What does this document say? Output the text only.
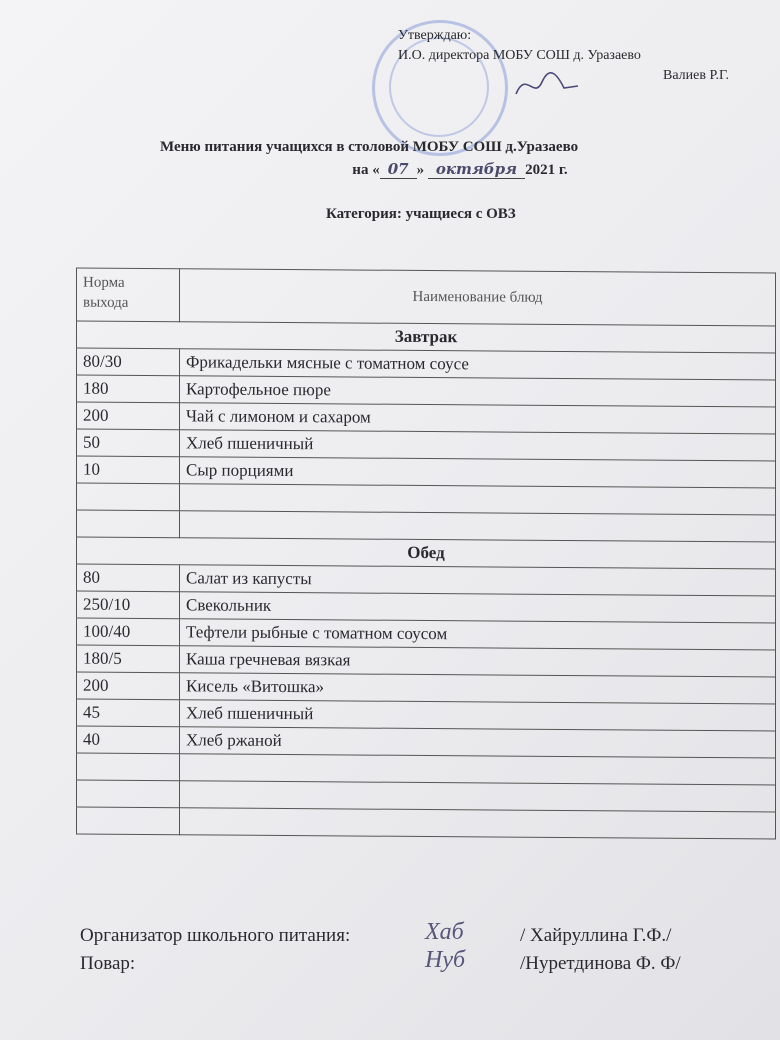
Утверждаю:
И.О. директора МОБУ СОШ д. Уразаево
Валиев Р.Г.
Меню питания учащихся в столовой МОБУ СОШ д.Уразаево
на « 07 » октября 2021 г.
Категория: учащиеся с ОВЗ
Норма выхода	Наименование блюд
Завтрак	
80/30	Фрикадельки мясные с томатном соусе
180	Картофельное пюре
200	Чай с лимоном и сахаром
50	Хлеб пшеничный
10	Сыр порциями

Обед	
80	Салат из капусты
250/10	Свекольник
100/40	Тефтели рыбные с томатном соусом
180/5	Каша гречневая вязкая
200	Кисель «Витошка»
45	Хлеб пшеничный
40	Хлеб ржаной

Организатор школьного питания:	Хаб	/ Хайруллина Г.Ф./
Повар:	Нуб	/Нуретдинова Ф. Ф/
